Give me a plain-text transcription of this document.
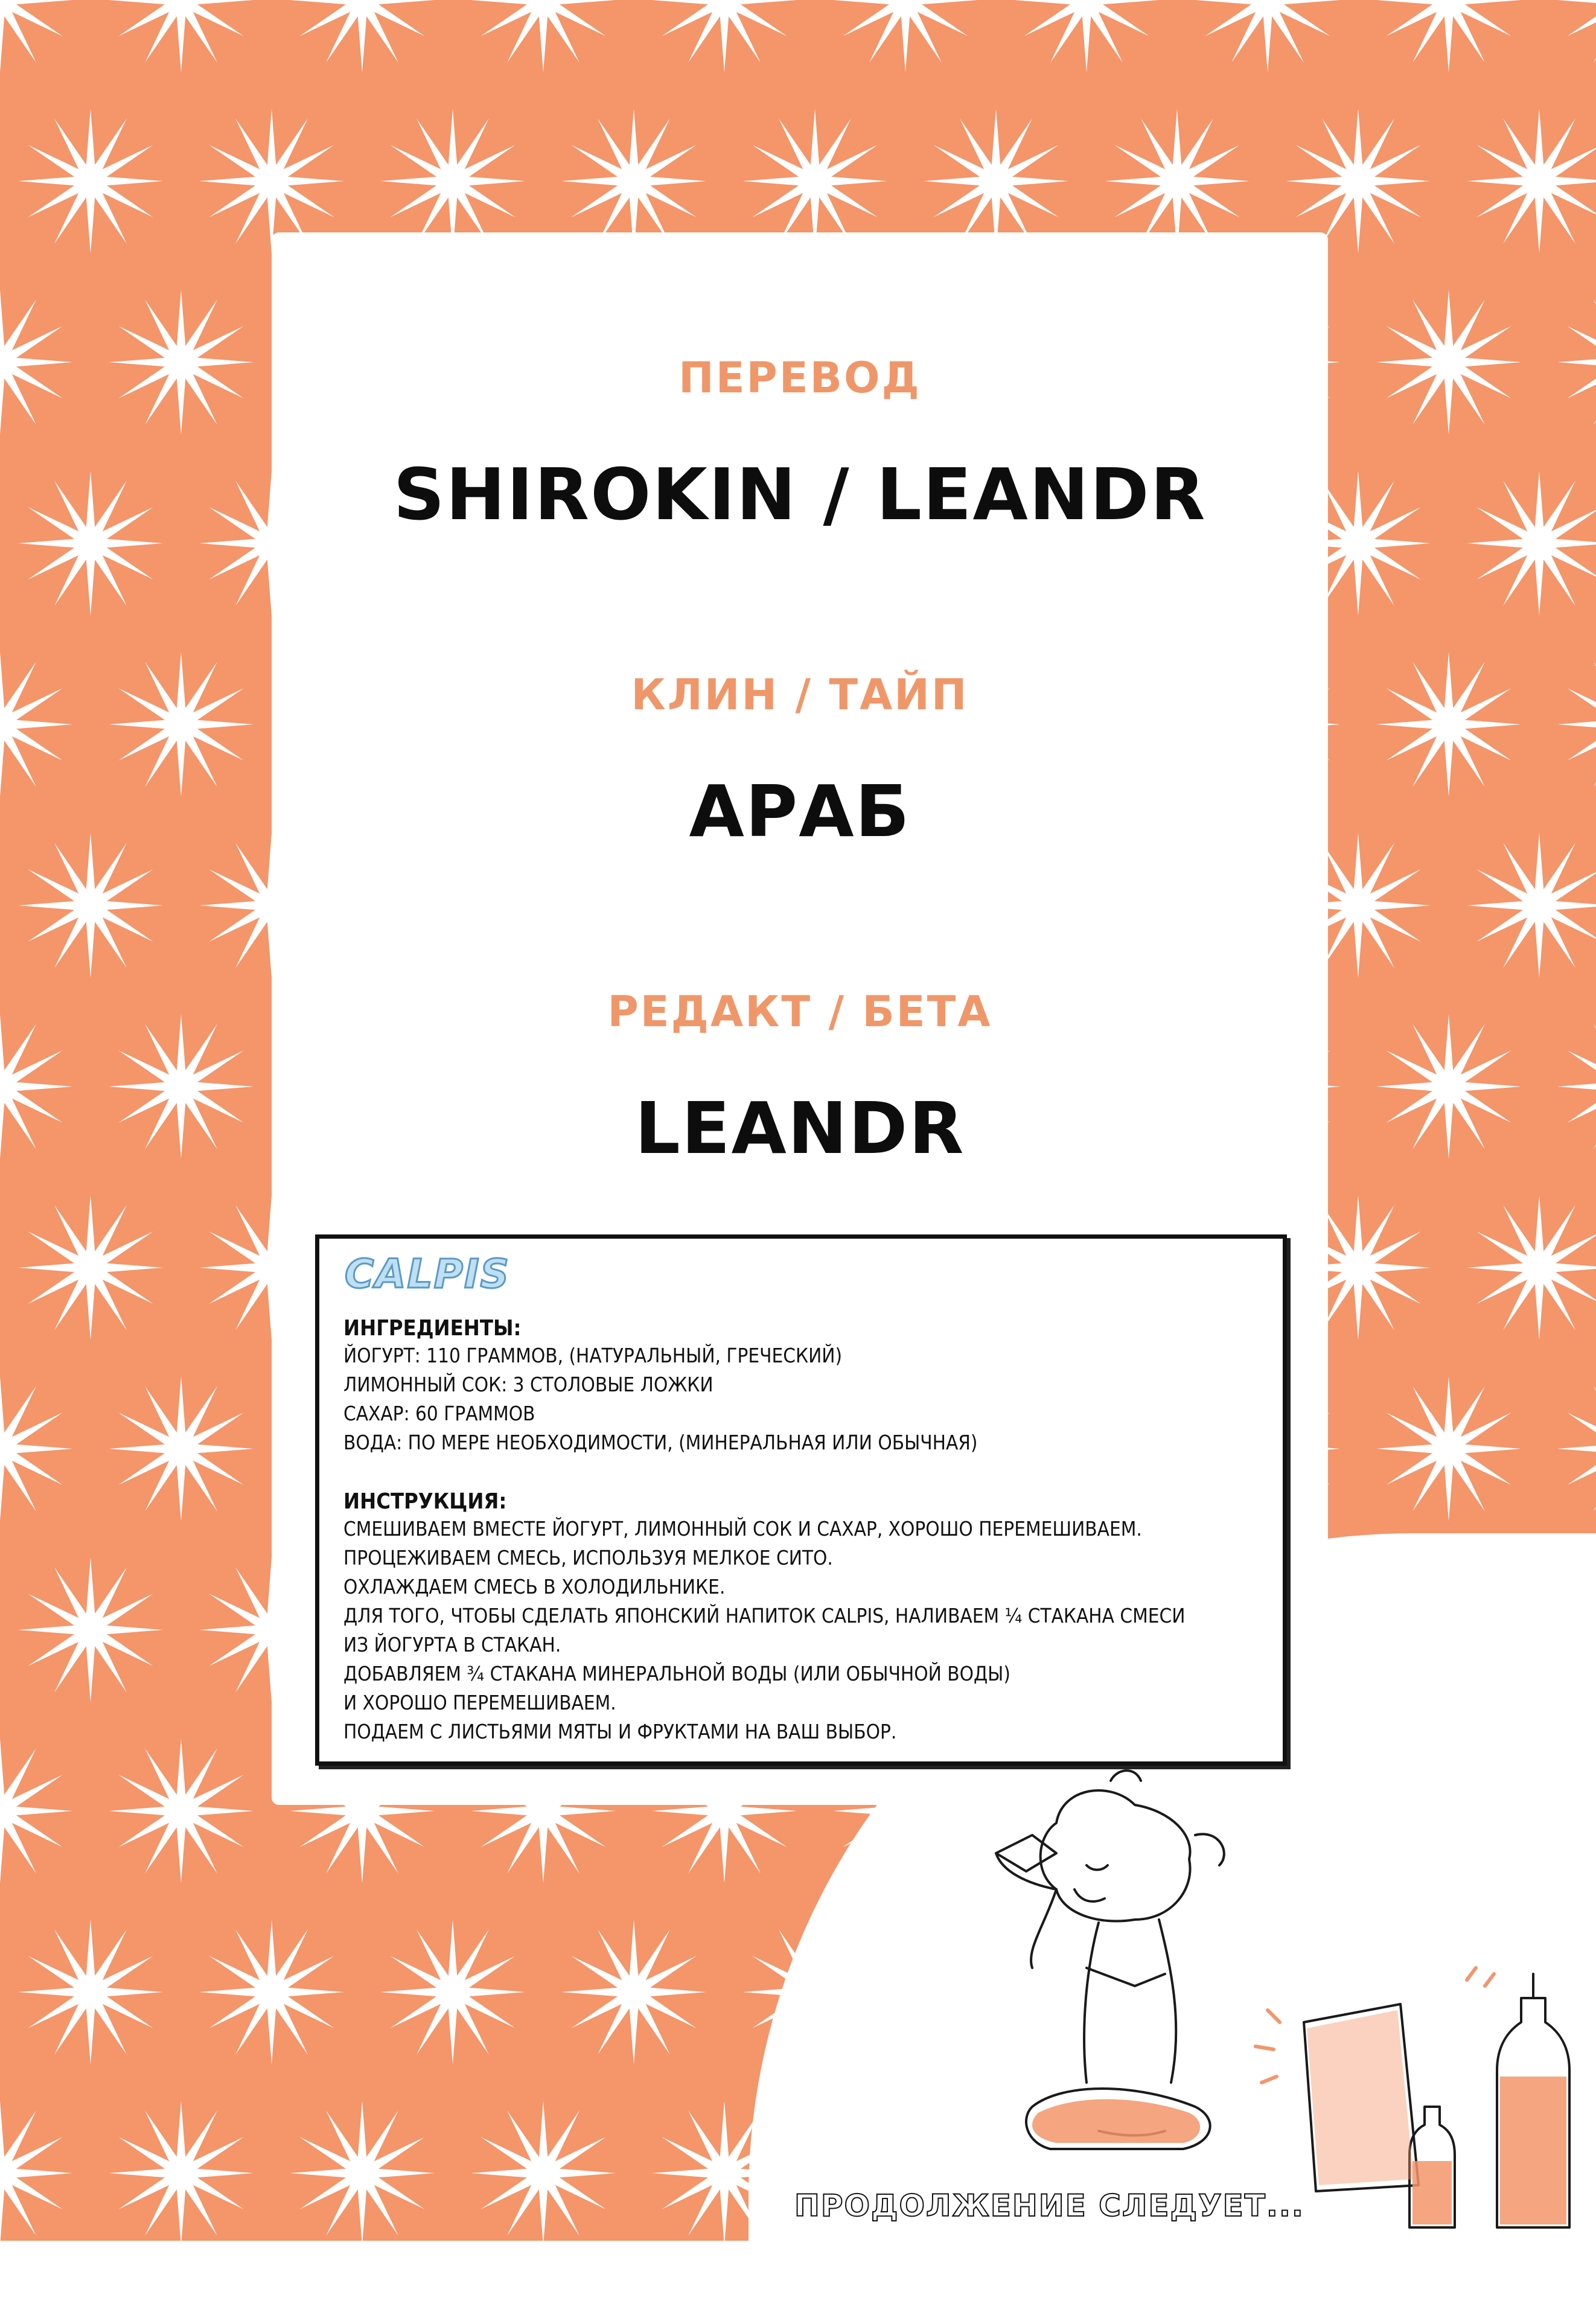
ПЕРЕВОД
SHIROKIN / LEANDR
КЛИН / ТАЙП
АРАБ
РЕДАКТ / БЕТА
LEANDR
CALPIS
ИНГРЕДИЕНТЫ:
ЙОГУРТ: 110 ГРАММОВ, (НАТУРАЛЬНЫЙ, ГРЕЧЕСКИЙ)
ЛИМОННЫЙ СОК: 3 СТОЛОВЫЕ ЛОЖКИ
САХАР: 60 ГРАММОВ
ВОДА: ПО МЕРЕ НЕОБХОДИМОСТИ, (МИНЕРАЛЬНАЯ ИЛИ ОБЫЧНАЯ)
ИНСТРУКЦИЯ:
СМЕШИВАЕМ ВМЕСТЕ ЙОГУРТ, ЛИМОННЫЙ СОК И САХАР, ХОРОШО ПЕРЕМЕШИВАЕМ.
ПРОЦЕЖИВАЕМ СМЕСЬ, ИСПОЛЬЗУЯ МЕЛКОЕ СИТО.
ОХЛАЖДАЕМ СМЕСЬ В ХОЛОДИЛЬНИКЕ.
ДЛЯ ТОГО, ЧТОБЫ СДЕЛАТЬ ЯПОНСКИЙ НАПИТОК CALPIS, НАЛИВАЕМ ¼ СТАКАНА СМЕСИ
ИЗ ЙОГУРТА В СТАКАН.
ДОБАВЛЯЕМ ¾ СТАКАНА МИНЕРАЛЬНОЙ ВОДЫ (ИЛИ ОБЫЧНОЙ ВОДЫ)
И ХОРОШО ПЕРЕМЕШИВАЕМ.
ПОДАЕМ С ЛИСТЬЯМИ МЯТЫ И ФРУКТАМИ НА ВАШ ВЫБОР.
ПРОДОЛЖЕНИЕ СЛЕДУЕТ...
